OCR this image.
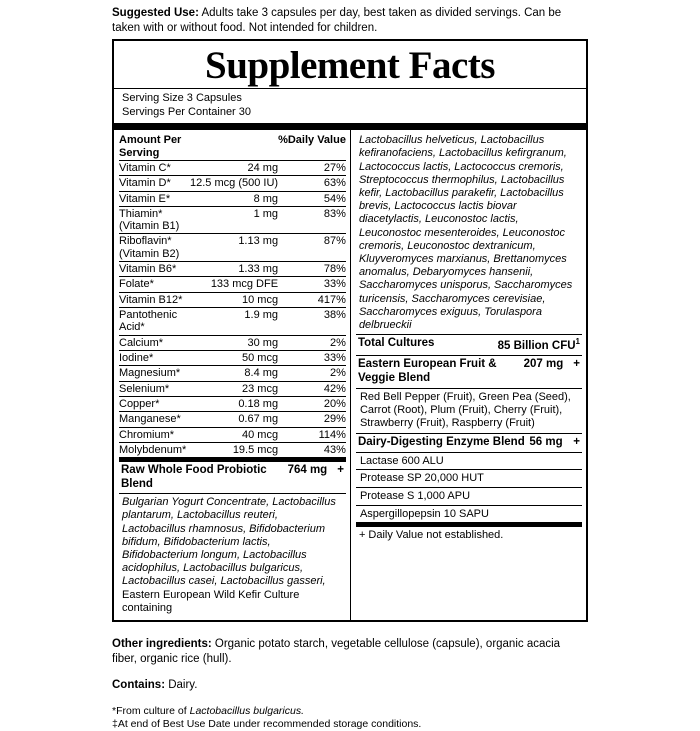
Suggested Use: Adults take 3 capsules per day, best taken as divided servings. Can be taken with or without food. Not intended for children.

Supplement Facts
Serving Size 3 Capsules
Servings Per Container 30
Amount Per Serving		%Daily Value
Vitamin C*	24 mg	27%
Vitamin D*	12.5 mcg (500 IU)	63%
Vitamin E*	8 mg	54%
Thiamin* (Vitamin B1)	1 mg	83%
Riboflavin* (Vitamin B2)	1.13 mg	87%
Vitamin B6*	1.33 mg	78%
Folate*	133 mcg DFE	33%
Vitamin B12*	10 mcg	417%
Pantothenic Acid*	1.9 mg	38%
Calcium*	30 mg	2%
Iodine*	50 mcg	33%
Magnesium*	8.4 mg	2%
Selenium*	23 mcg	42%
Copper*	0.18 mg	20%
Manganese*	0.67 mg	29%
Chromium*	40 mcg	114%
Molybdenum*	19.5 mcg	43%
Raw Whole Food Probiotic Blend
764 mg +
Bulgarian Yogurt Concentrate, Lactobacillus plantarum, Lactobacillus reuteri, Lactobacillus rhamnosus, Bifidobacterium bifidum, Bifidobacterium lactis, Bifidobacterium longum, Lactobacillus acidophilus, Lactobacillus bulgaricus, Lactobacillus casei, Lactobacillus gasseri, Eastern European Wild Kefir Culture containing
Lactobacillus helveticus, Lactobacillus kefiranofaciens, Lactobacillus kefirgranum, Lactococcus lactis, Lactococcus cremoris, Streptococcus thermophilus, Lactobacillus kefir, Lactobacillus parakefir, Lactobacillus brevis, Lactococcus lactis biovar diacetylactis, Leuconostoc lactis, Leuconostoc mesenteroides, Leuconostoc cremoris, Leuconostoc dextranicum, Kluyveromyces marxianus, Brettanomyces anomalus, Debaryomyces hansenii, Saccharomyces unisporus, Saccharomyces turicensis, Saccharomyces cerevisiae, Saccharomyces exiguus, Torulaspora delbrueckii
Total Cultures	85 Billion CFU$^1$
Eastern European Fruit & Veggie Blend
207 mg +
Red Bell Pepper (Fruit), Green Pea (Seed), Carrot (Root), Plum (Fruit), Cherry (Fruit), Strawberry (Fruit), Raspberry (Fruit)
Dairy-Digesting Enzyme Blend 56 mg +
Lactase 600 ALU
Protease SP 20,000 HUT
Protease S 1,000 APU
Aspergillopepsin 10 SAPU
+ Daily Value not established.

Other ingredients: Organic potato starch, vegetable cellulose (capsule), organic acacia fiber, organic rice (hull).

Contains: Dairy.

*From culture of Lactobacillus bulgaricus.

‡At end of Best Use Date under recommended storage conditions.
